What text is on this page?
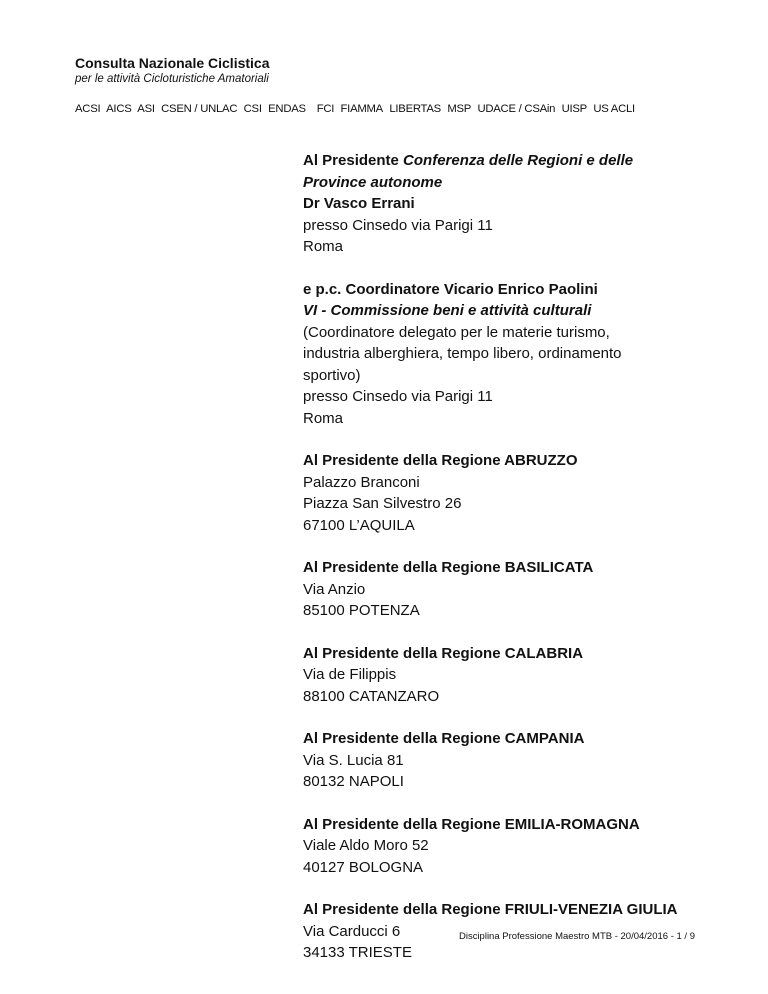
Consulta Nazionale Ciclistica
per le attività Cicloturistiche Amatoriali
ACSI AICS ASI CSEN / UNLAC CSI ENDAS FCI FIAMMA LIBERTAS MSP UDACE / CSAin UISP US ACLI
Al Presidente Conferenza delle Regioni e delle
Province autonome
Dr Vasco Errani
presso Cinsedo via Parigi 11
Roma
e p.c. Coordinatore Vicario Enrico Paolini
VI - Commissione beni e attività culturali
(Coordinatore delegato per le materie turismo,
industria alberghiera, tempo libero, ordinamento
sportivo)
presso Cinsedo via Parigi 11
Roma
Al Presidente della Regione ABRUZZO
Palazzo Branconi
Piazza San Silvestro 26
67100 L’AQUILA
Al Presidente della Regione BASILICATA
Via Anzio
85100 POTENZA
Al Presidente della Regione CALABRIA
Via de Filippis
88100 CATANZARO
Al Presidente della Regione CAMPANIA
Via S. Lucia 81
80132 NAPOLI
Al Presidente della Regione EMILIA-ROMAGNA
Viale Aldo Moro 52
40127 BOLOGNA
Al Presidente della Regione FRIULI-VENEZIA GIULIA
Via Carducci 6
34133 TRIESTE
Disciplina Professione Maestro MTB - 20/04/2016 - 1 / 9
